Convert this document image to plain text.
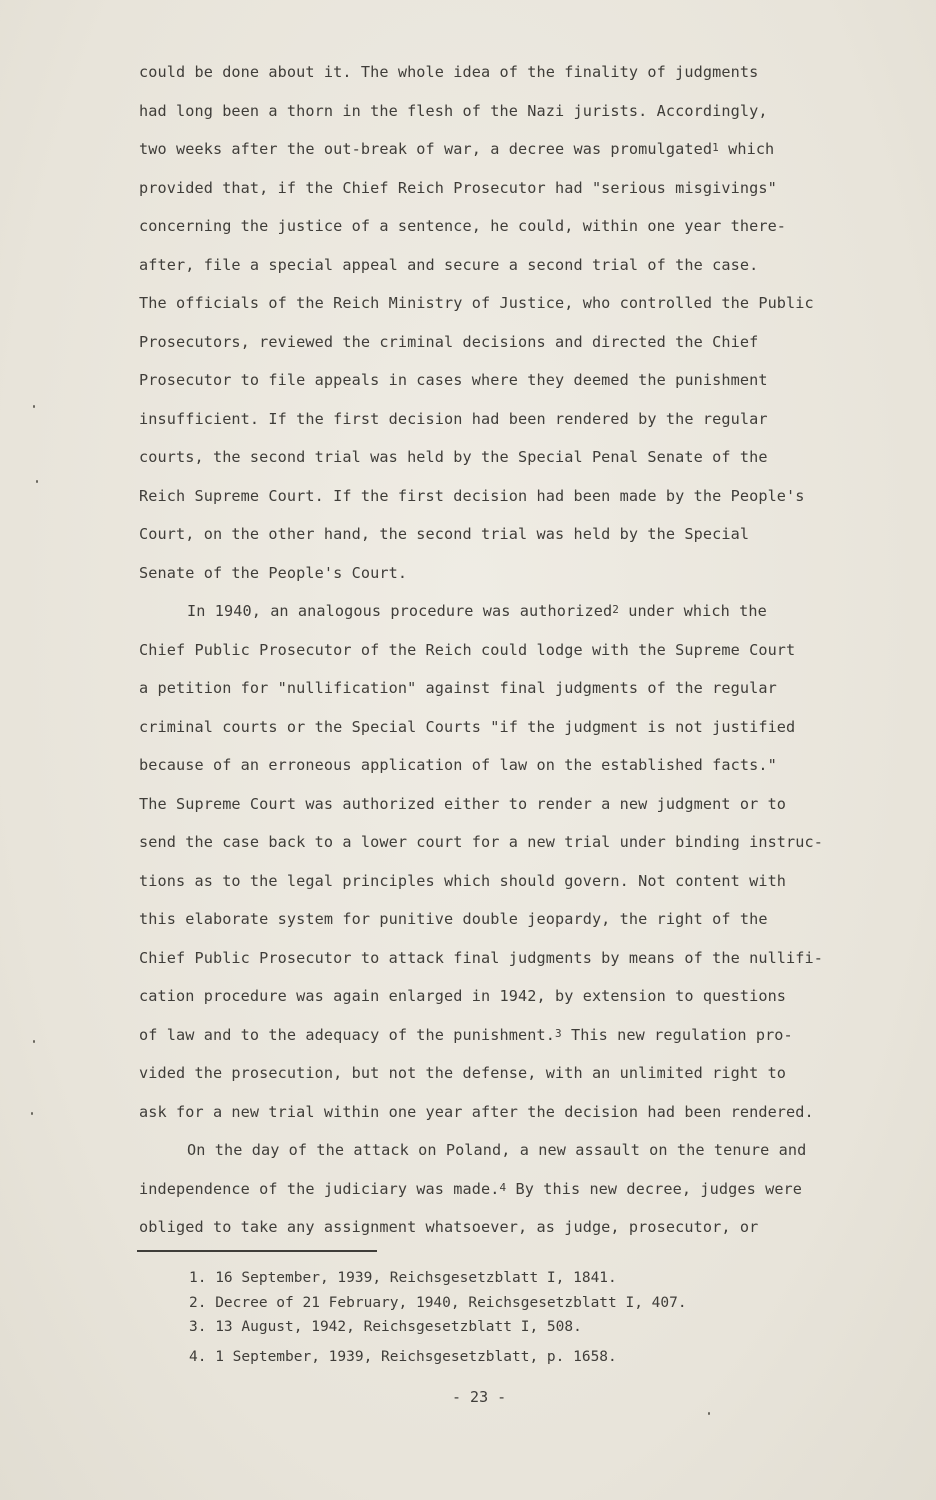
could be done about it. The whole idea of the finality of judgments
had long been a thorn in the flesh of the Nazi jurists. Accordingly,
two weeks after the out-break of war, a decree was promulgated$^1$ which
provided that, if the Chief Reich Prosecutor had "serious misgivings"
concerning the justice of a sentence, he could, within one year there-
after, file a special appeal and secure a second trial of the case.
The officials of the Reich Ministry of Justice, who controlled the Public
Prosecutors, reviewed the criminal decisions and directed the Chief
Prosecutor to file appeals in cases where they deemed the punishment
insufficient. If the first decision had been rendered by the regular
courts, the second trial was held by the Special Penal Senate of the
Reich Supreme Court. If the first decision had been made by the People's
Court, on the other hand, the second trial was held by the Special
Senate of the People's Court.
In 1940, an analogous procedure was authorized$^2$ under which the
Chief Public Prosecutor of the Reich could lodge with the Supreme Court
a petition for "nullification" against final judgments of the regular
criminal courts or the Special Courts "if the judgment is not justified
because of an erroneous application of law on the established facts."
The Supreme Court was authorized either to render a new judgment or to
send the case back to a lower court for a new trial under binding instruc-
tions as to the legal principles which should govern. Not content with
this elaborate system for punitive double jeopardy, the right of the
Chief Public Prosecutor to attack final judgments by means of the nullifi-
cation procedure was again enlarged in 1942, by extension to questions
of law and to the adequacy of the punishment.$^3$ This new regulation pro-
vided the prosecution, but not the defense, with an unlimited right to
ask for a new trial within one year after the decision had been rendered.
On the day of the attack on Poland, a new assault on the tenure and
independence of the judiciary was made.$^4$ By this new decree, judges were
obliged to take any assignment whatsoever, as judge, prosecutor, or
1. 16 September, 1939, Reichsgesetzblatt I, 1841.
2. Decree of 21 February, 1940, Reichsgesetzblatt I, 407.
3. 13 August, 1942, Reichsgesetzblatt I, 508.
4. 1 September, 1939, Reichsgesetzblatt, p. 1658.
- 23 -
